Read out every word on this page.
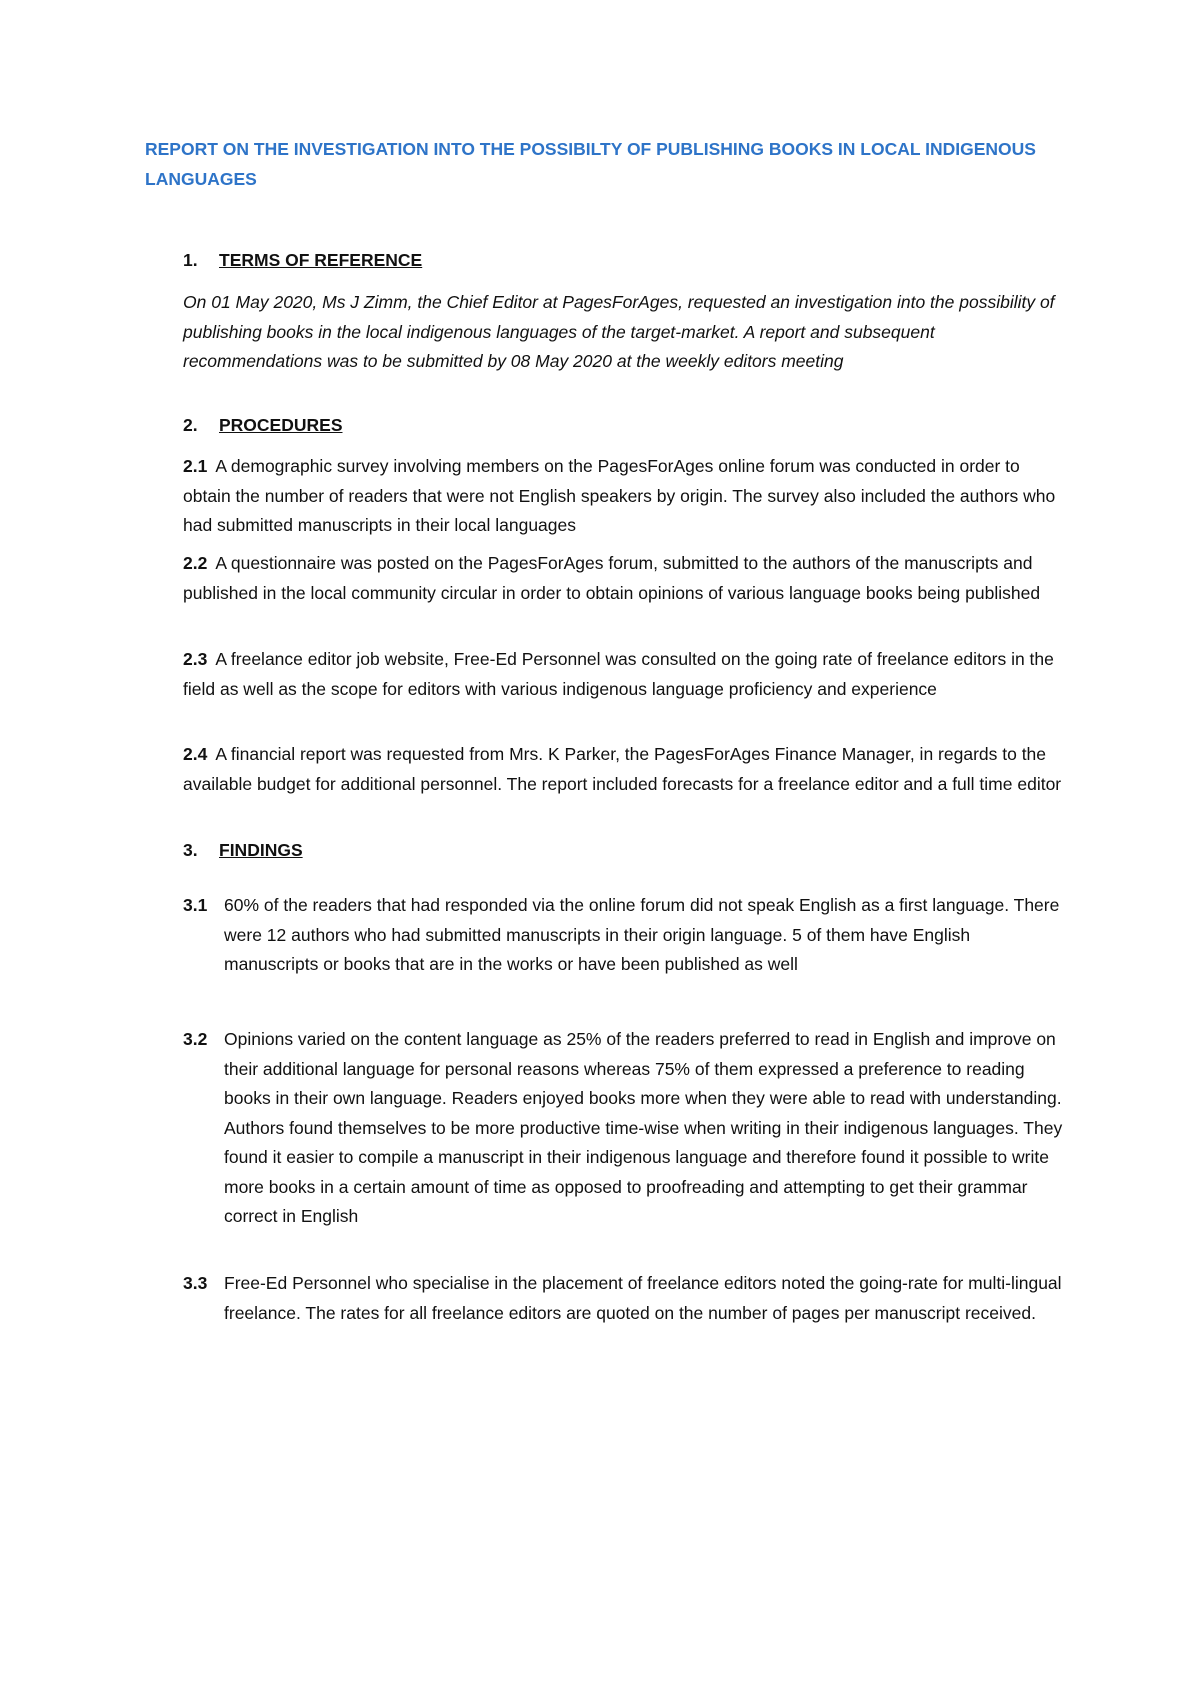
REPORT ON THE INVESTIGATION INTO THE POSSIBILTY OF PUBLISHING BOOKS IN LOCAL INDIGENOUS LANGUAGES
1. TERMS OF REFERENCE

On 01 May 2020, Ms J Zimm, the Chief Editor at PagesForAges, requested an investigation into the possibility of publishing books in the local indigenous languages of the target-market. A report and subsequent recommendations was to be submitted by 08 May 2020 at the weekly editors meeting

2. PROCEDURES

2.1 A demographic survey involving members on the PagesForAges online forum was conducted in order to obtain the number of readers that were not English speakers by origin. The survey also included the authors who had submitted manuscripts in their local languages

2.2 A questionnaire was posted on the PagesForAges forum, submitted to the authors of the manuscripts and published in the local community circular in order to obtain opinions of various language books being published

2.3 A freelance editor job website, Free-Ed Personnel was consulted on the going rate of freelance editors in the field as well as the scope for editors with various indigenous language proficiency and experience

2.4 A financial report was requested from Mrs. K Parker, the PagesForAges Finance Manager, in regards to the available budget for additional personnel. The report included forecasts for a freelance editor and a full time editor

3. FINDINGS
3.1 60% of the readers that had responded via the online forum did not speak English as a first language. There were 12 authors who had submitted manuscripts in their origin language. 5 of them have English manuscripts or books that are in the works or have been published as well
3.2 Opinions varied on the content language as 25% of the readers preferred to read in English and improve on their additional language for personal reasons whereas 75% of them expressed a preference to reading books in their own language. Readers enjoyed books more when they were able to read with understanding. Authors found themselves to be more productive time-wise when writing in their indigenous languages. They found it easier to compile a manuscript in their indigenous language and therefore found it possible to write more books in a certain amount of time as opposed to proofreading and attempting to get their grammar correct in English
3.3 Free-Ed Personnel who specialise in the placement of freelance editors noted the going-rate for multi-lingual freelance. The rates for all freelance editors are quoted on the number of pages per manuscript received.
